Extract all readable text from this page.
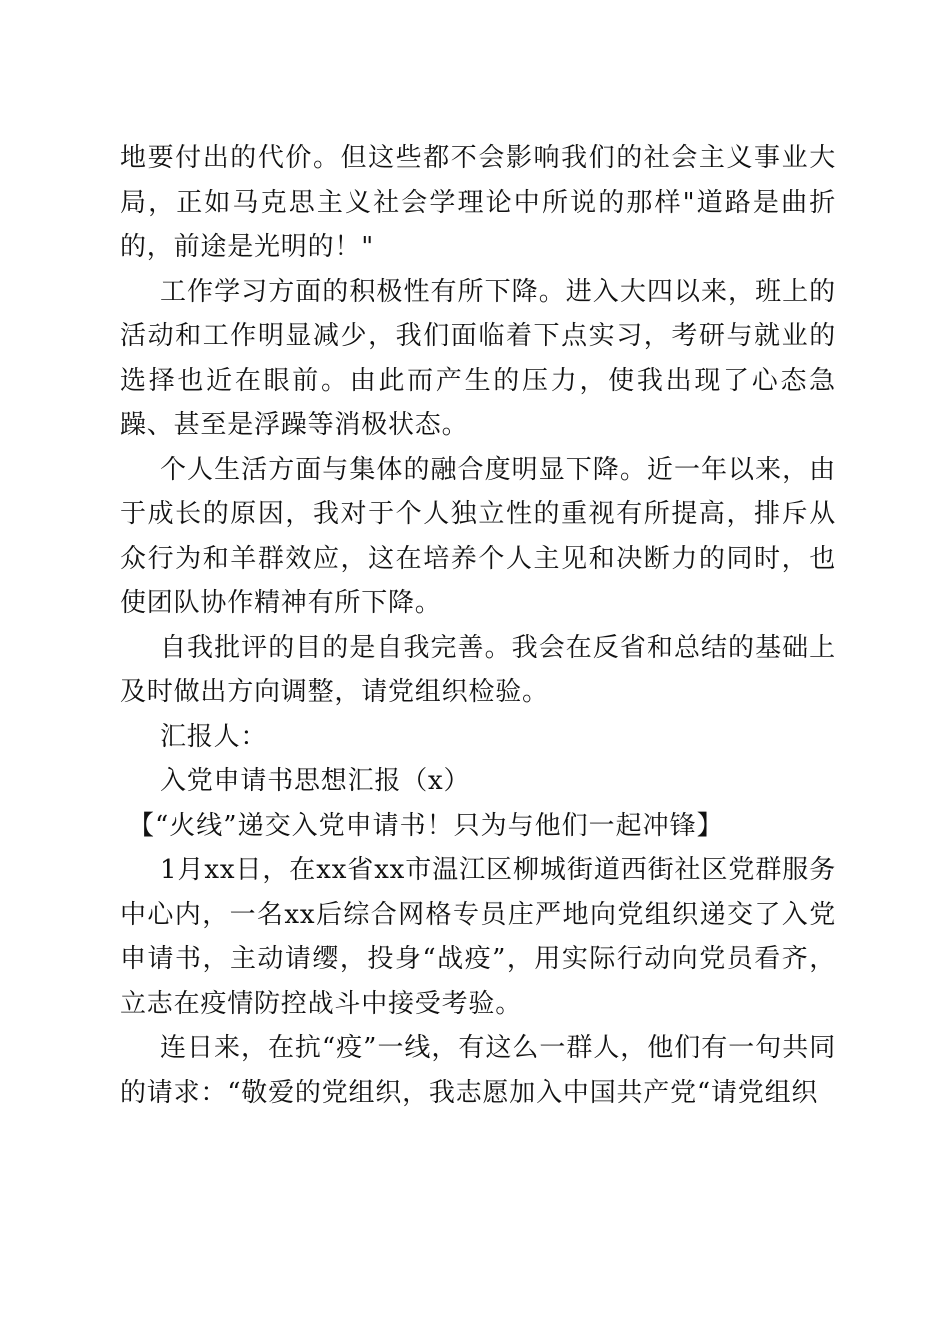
地要付出的代价。但这些都不会影响我们的社会主义事业大局，正如马克思主义社会学理论中所说的那样"道路是曲折的，前途是光明的！"

工作学习方面的积极性有所下降。进入大四以来，班上的活动和工作明显减少，我们面临着下点实习，考研与就业的选择也近在眼前。由此而产生的压力，使我出现了心态急躁、甚至是浮躁等消极状态。

个人生活方面与集体的融合度明显下降。近一年以来，由于成长的原因，我对于个人独立性的重视有所提高，排斥从众行为和羊群效应，这在培养个人主见和决断力的同时，也使团队协作精神有所下降。

自我批评的目的是自我完善。我会在反省和总结的基础上及时做出方向调整，请党组织检验。

汇报人：

入党申请书思想汇报（x）

【“火线”递交入党申请书！只为与他们一起冲锋】

1月xx日，在xx省xx市温江区柳城街道西街社区党群服务中心内，一名xx后综合网格专员庄严地向党组织递交了入党申请书，主动请缨，投身“战疫”，用实际行动向党员看齐，立志在疫情防控战斗中接受考验。

连日来，在抗“疫”一线，有这么一群人，他们有一句共同的请求：“敬爱的党组织，我志愿加入中国共产党“请党组织
